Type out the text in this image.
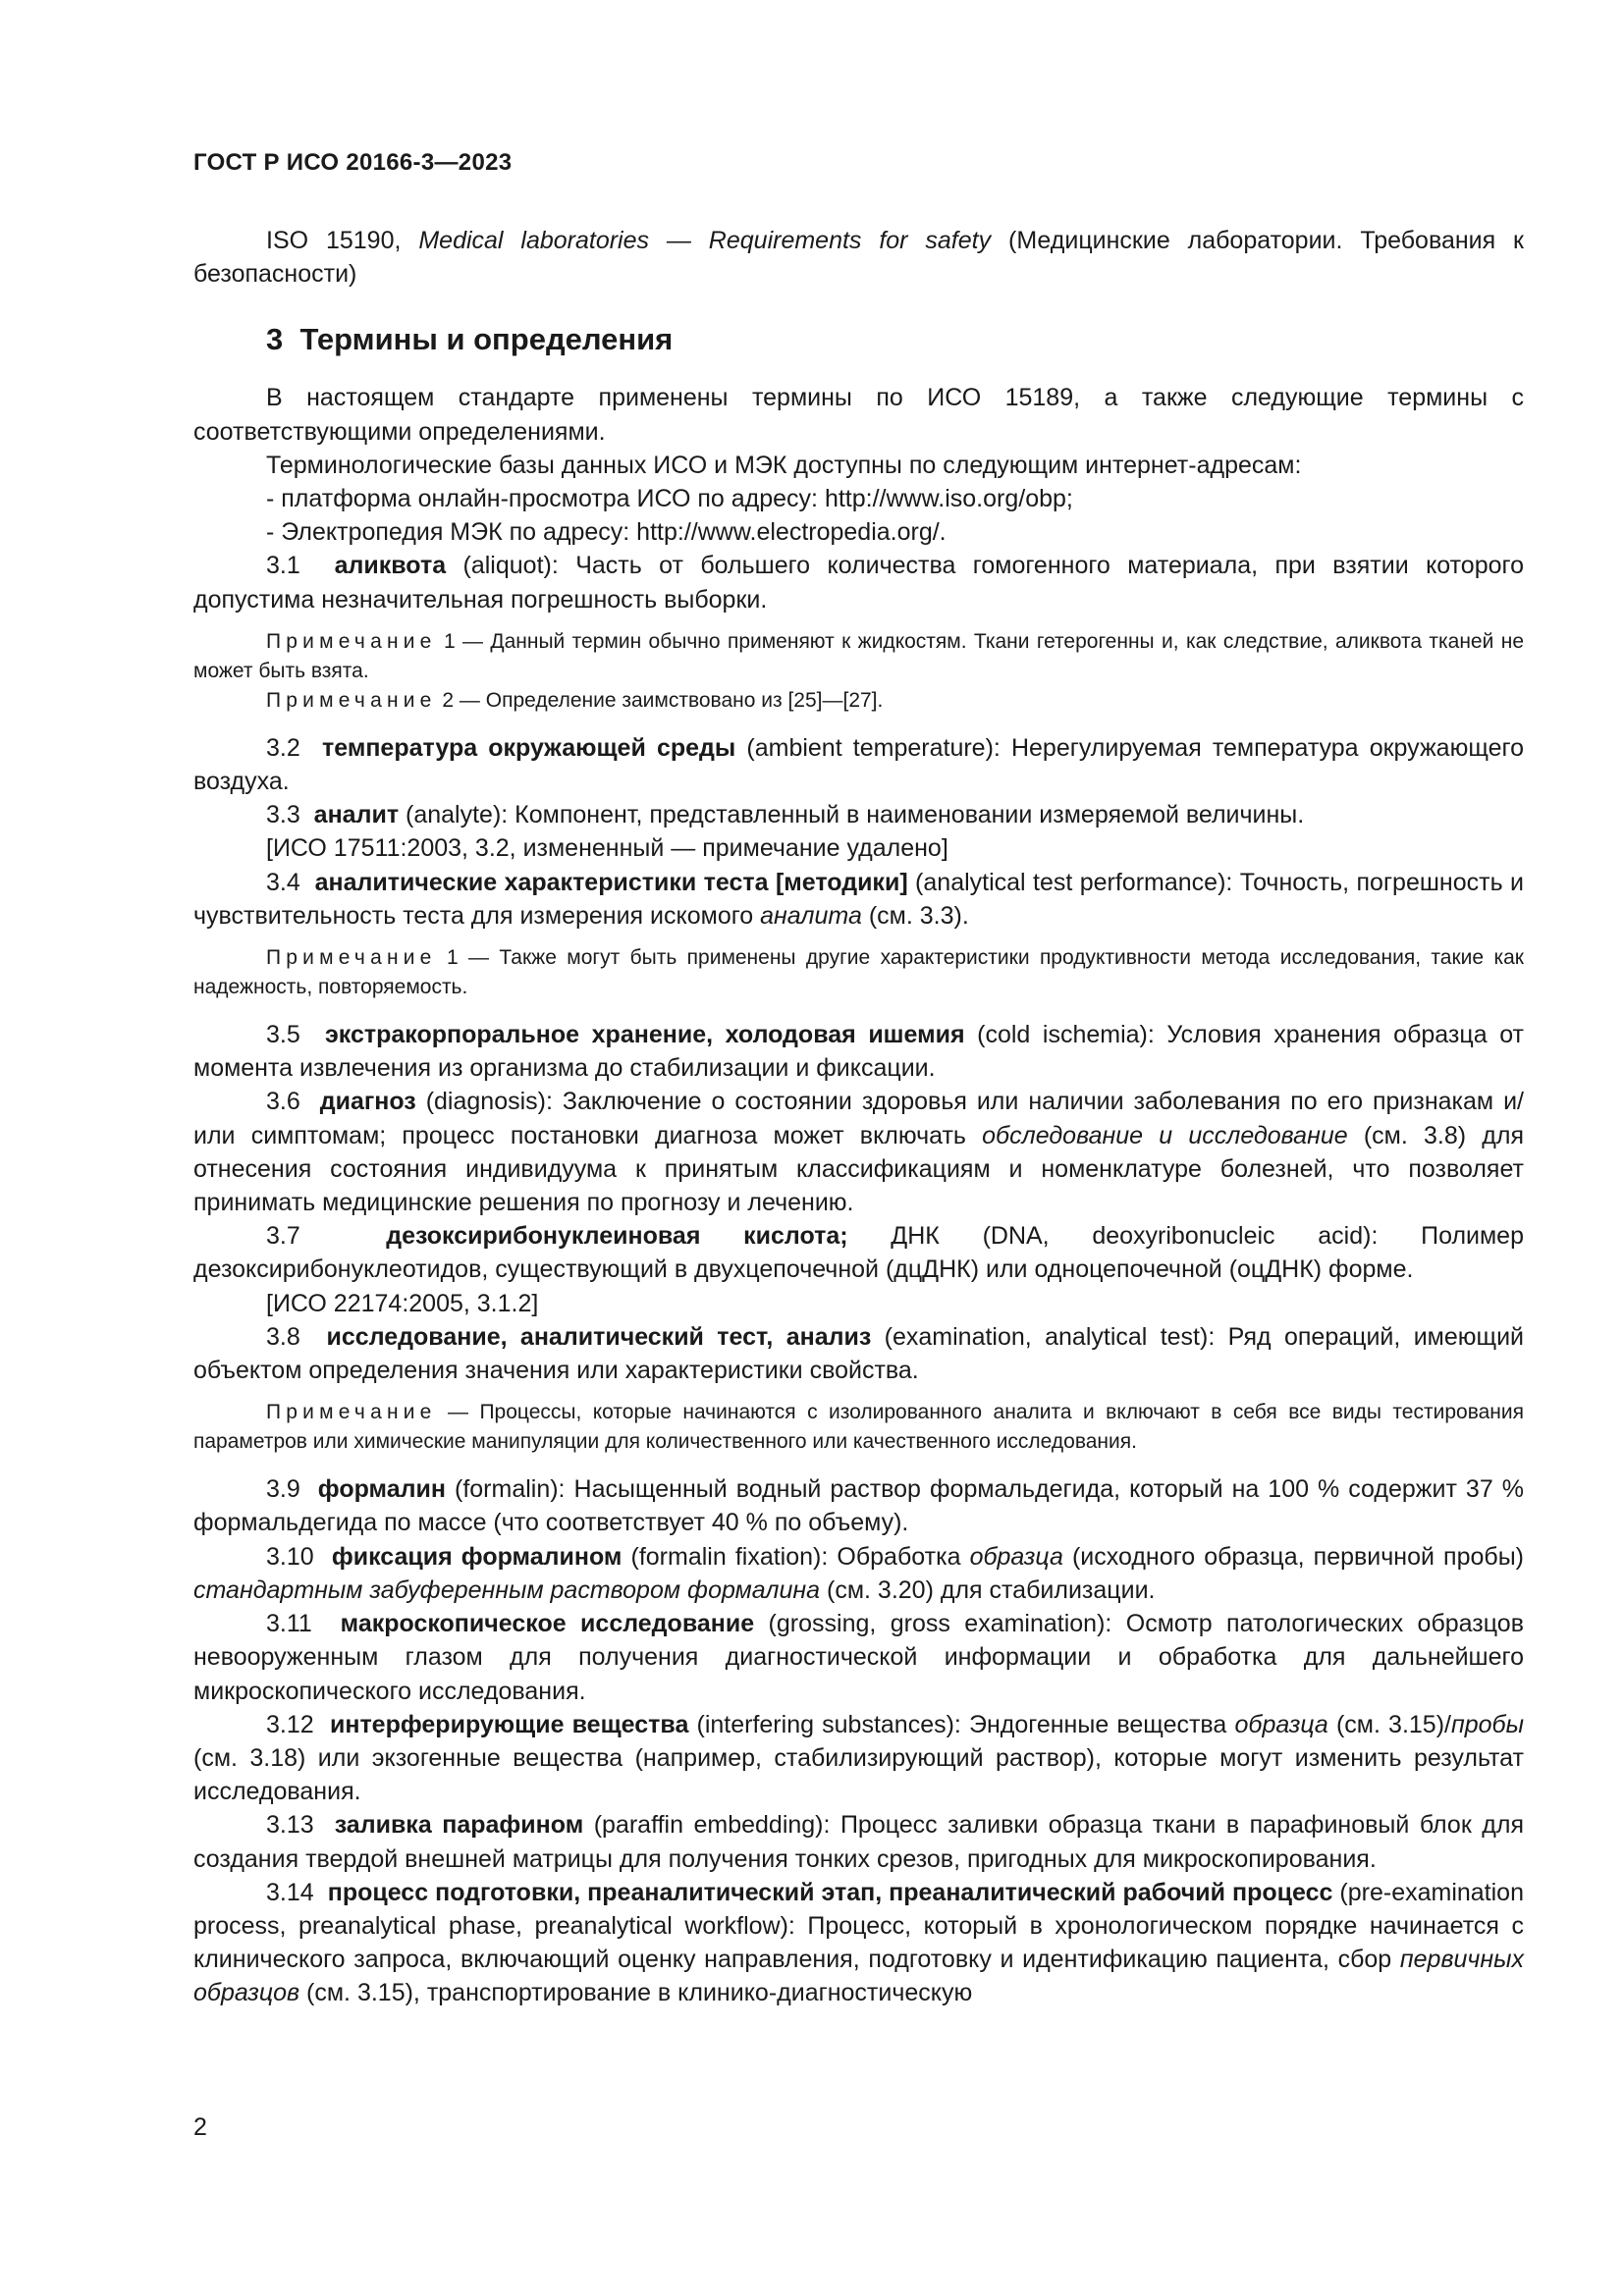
ГОСТ Р ИСО 20166-3—2023

ISO 15190, Medical laboratories — Requirements for safety (Медицинские лаборатории. Требования к безопасности)

3 Термины и определения

В настоящем стандарте применены термины по ИСО 15189, а также следующие термины с соответствующими определениями.

Терминологические базы данных ИСО и МЭК доступны по следующим интернет-адресам:

- платформа онлайн-просмотра ИСО по адресу: http://www.iso.org/obp;

- Электропедия МЭК по адресу: http://www.electropedia.org/.

3.1 аликвота (aliquot): Часть от большего количества гомогенного материала, при взятии которого допустима незначительная погрешность выборки.

Примечание 1 — Данный термин обычно применяют к жидкостям. Ткани гетерогенны и, как следствие, аликвота тканей не может быть взята.

Примечание 2 — Определение заимствовано из [25]—[27].

3.2 температура окружающей среды (ambient temperature): Нерегулируемая температура окружающего воздуха.

3.3 аналит (analyte): Компонент, представленный в наименовании измеряемой величины.

[ИСО 17511:2003, 3.2, измененный — примечание удалено]

3.4 аналитические характеристики теста [методики] (analytical test performance): Точность, погрешность и чувствительность теста для измерения искомого аналита (см. 3.3).

Примечание 1 — Также могут быть применены другие характеристики продуктивности метода исследования, такие как надежность, повторяемость.

3.5 экстракорпоральное хранение, холодовая ишемия (cold ischemia): Условия хранения образца от момента извлечения из организма до стабилизации и фиксации.

3.6 диагноз (diagnosis): Заключение о состоянии здоровья или наличии заболевания по его признакам и/или симптомам; процесс постановки диагноза может включать обследование и исследование (см. 3.8) для отнесения состояния индивидуума к принятым классификациям и номенклатуре болезней, что позволяет принимать медицинские решения по прогнозу и лечению.

3.7	дезоксирибонуклеиновая кислота; ДНК (DNA, deoxyribonucleic acid): Полимер дезоксирибонуклеотидов, существующий в двухцепочечной (дцДНК) или одноцепочечной (оцДНК) форме.

[ИСО 22174:2005, 3.1.2]

3.8 исследование, аналитический тест, анализ (examination, analytical test): Ряд операций, имеющий объектом определения значения или характеристики свойства.

Примечание — Процессы, которые начинаются с изолированного аналита и включают в себя все виды тестирования параметров или химические манипуляции для количественного или качественного исследования.

3.9 формалин (formalin): Насыщенный водный раствор формальдегида, который на 100 % содержит 37 % формальдегида по массе (что соответствует 40 % по объему).

3.10 фиксация формалином (formalin fixation): Обработка образца (исходного образца, первичной пробы) стандартным забуференным раствором формалина (см. 3.20) для стабилизации.

3.11 макроскопическое исследование (grossing, gross examination): Осмотр патологических образцов невооруженным глазом для получения диагностической информации и обработка для дальнейшего микроскопического исследования.

3.12 интерферирующие вещества (interfering substances): Эндогенные вещества образца (см. 3.15)/пробы (см. 3.18) или экзогенные вещества (например, стабилизирующий раствор), которые могут изменить результат исследования.

3.13 заливка парафином (paraffin embedding): Процесс заливки образца ткани в парафиновый блок для создания твердой внешней матрицы для получения тонких срезов, пригодных для микроскопирования.

3.14 процесс подготовки, преаналитический этап, преаналитический рабочий процесс (pre-examination process, preanalytical phase, preanalytical workflow): Процесс, который в хронологическом порядке начинается с клинического запроса, включающий оценку направления, подготовку и идентификацию пациента, сбор первичных образцов (см. 3.15), транспортирование в клинико-диагностическую

2
